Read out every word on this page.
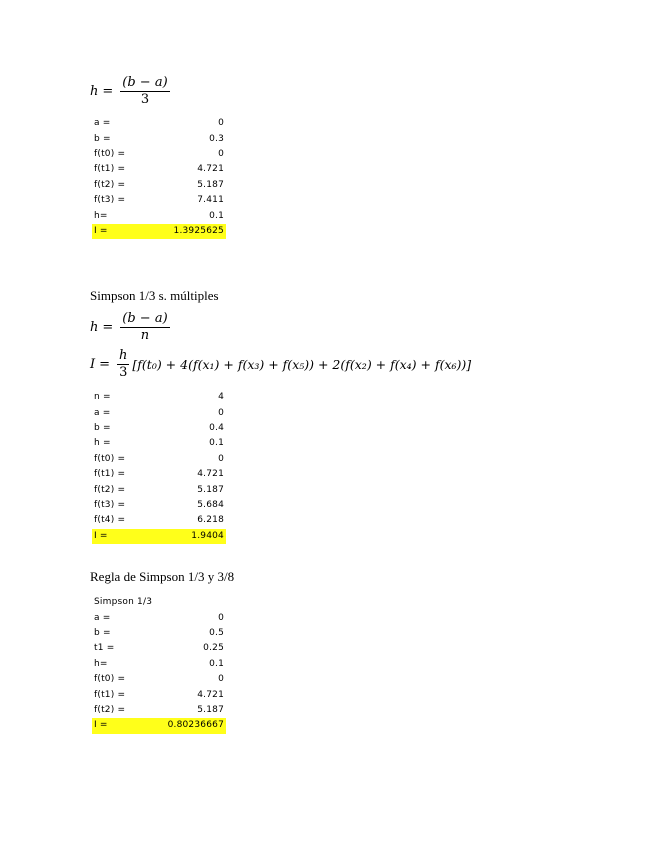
$h = \frac{(b - a)}{3}$
a =	0
b =	0.3
f(t0) =	0
f(t1) =	4.721
f(t2) =	5.187
f(t3) =	7.411
h=	0.1
I =	1.3925625
Simpson 1/3 s. múltiples
$h = \frac{(b - a)}{n}$
$I = \frac{h}{3} [f(t_0) + 4(f(x_1) + f(x_3) + f(x_5)) + 2(f(x_2) + f(x_4) + f(x_6))]$
n =	4
a =	0
b =	0.4
h =	0.1
f(t0) =	0
f(t1) =	4.721
f(t2) =	5.187
f(t3) =	5.684
f(t4) =	6.218
I =	1.9404
Regla de Simpson 1/3 y 3/8
Simpson 1/3	
a =	0
b =	0.5
t1 =	0.25
h=	0.1
f(t0) =	0
f(t1) =	4.721
f(t2) =	5.187
I =	0.80236667
